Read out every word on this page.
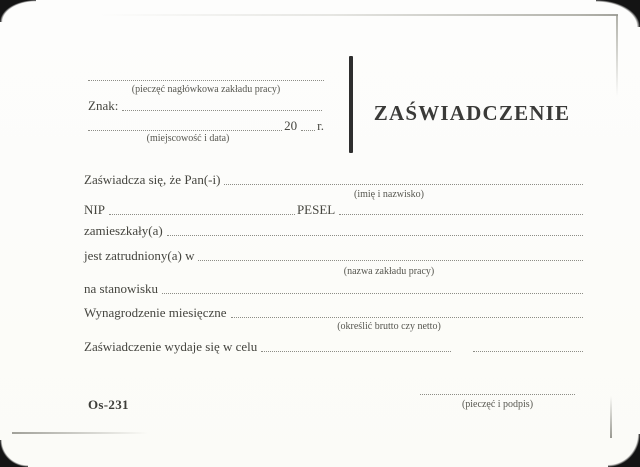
(pieczęć nagłówkowa zakładu pracy)
Znak:
20 r.
(miejscowość i data)
ZAŚWIADCZENIE
Zaświadcza się, że Pan(-i)
(imię i nazwisko)
NIP	PESEL
zamieszkały(a)
jest zatrudniony(a) w
(nazwa zakładu pracy)
na stanowisku
Wynagrodzenie miesięczne
(określić brutto czy netto)
Zaświadczenie wydaje się w celu
Os-231	(pieczęć i podpis)
